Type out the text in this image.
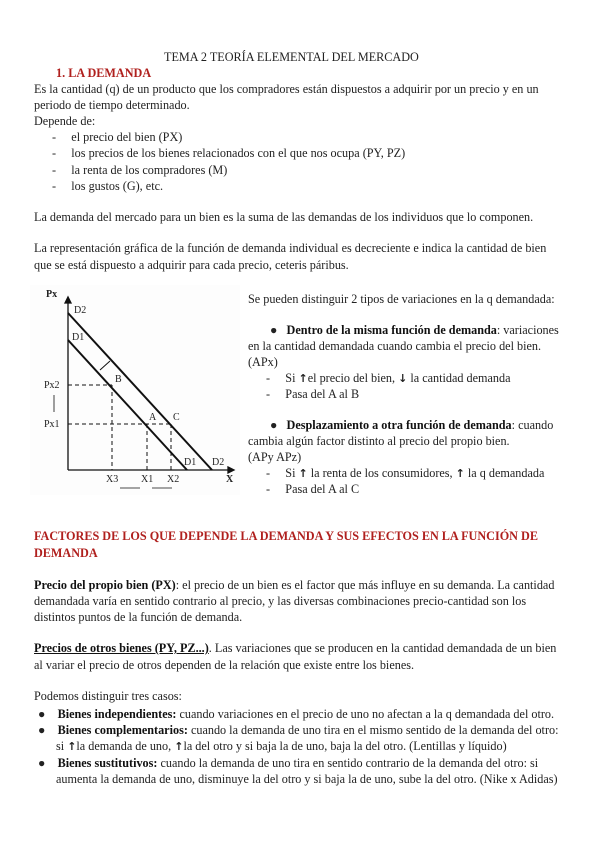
TEMA 2 TEORÍA ELEMENTAL DEL MERCADO
1. LA DEMANDA
Es la cantidad (q) de un producto que los compradores están dispuestos a adquirir por un precio y en un
periodo de tiempo determinado.
Depende de:
-     el precio del bien (PX)
-     los precios de los bienes relacionados con el que nos ocupa (PY, PZ)
-     la renta de los compradores (M)
-     los gustos (G), etc.
La demanda del mercado para un bien es la suma de las demandas de los individuos que lo componen.
La representación gráfica de la función de demanda individual es decreciente e indica la cantidad de bien
que se está dispuesto a adquirir para cada precio, ceteris páribus.
Px
D2
D1
Px2
Px1
B
A C
D1 D2
X3 X1 X2	X
Se pueden distinguir 2 tipos de variaciones en la q demandada:
●   Dentro de la misma función de demanda: variaciones
en la cantidad demandada cuando cambia el precio del bien.
(APx)
-     Si ↑el precio del bien, ↓ la cantidad demanda
-     Pasa del A al B
●   Desplazamiento a otra función de demanda: cuando
cambia algún factor distinto al precio del propio bien.
(APy APz)
-     Si ↑ la renta de los consumidores, ↑ la q demandada
-     Pasa del A al C
FACTORES DE LOS QUE DEPENDE LA DEMANDA Y SUS EFECTOS EN LA FUNCIÓN DE
DEMANDA
Precio del propio bien (PX): el precio de un bien es el factor que más influye en su demanda. La cantidad
demandada varía en sentido contrario al precio, y las diversas combinaciones precio-cantidad son los
distintos puntos de la función de demanda.
Precios de otros bienes (PY, PZ...). Las variaciones que se producen en la cantidad demandada de un bien
al variar el precio de otros dependen de la relación que existe entre los bienes.
Podemos distinguir tres casos:
●    Bienes independientes: cuando variaciones en el precio de uno no afectan a la q demandada del otro.
●    Bienes complementarios: cuando la demanda de uno tira en el mismo sentido de la demanda del otro:
si ↑la demanda de uno, ↑la del otro y si baja la de uno, baja la del otro. (Lentillas y líquido)
●    Bienes sustitutivos: cuando la demanda de uno tira en sentido contrario de la demanda del otro: si
aumenta la demanda de uno, disminuye la del otro y si baja la de uno, sube la del otro. (Nike x Adidas)
